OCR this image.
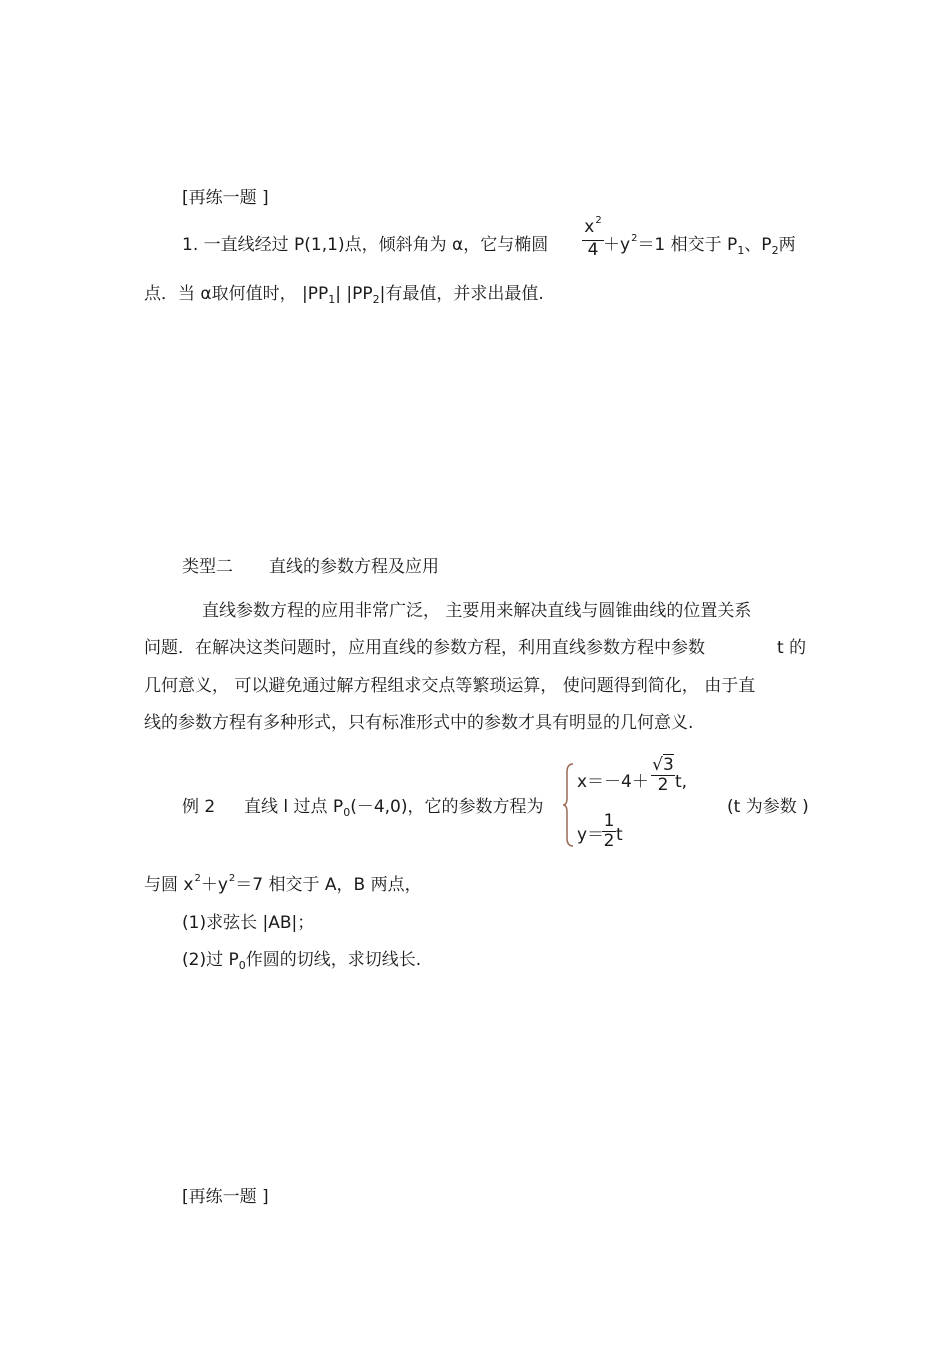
[再练一题 ]
1. 一直线经过 P(1,1)点，倾斜角为 α，它与椭圆
$x^2$
$4 +y^2=1$ 相交于 $P_1$、$P_2$两
点．当 α取何值时， $|PP_1|$ $|PP_2|$有最值，并求出最值.
类型二 直线的参数方程及应用
直线参数方程的应用非常广泛， 主要用来解决直线与圆锥曲线的位置关系
问题．在解决这类问题时，应用直线的参数方程，利用直线参数方程中参数	t 的
几何意义， 可以避免通过解方程组求交点等繁琐运算， 使问题得到简化， 由于直
线的参数方程有多种形式，只有标准形式中的参数才具有明显的几何意义.
例 2 直线 l 过点 $P_0(-4,0)$，它的参数方程为
x＝－4＋
√3
2 t,
y＝
1
2 t
(t 为参数 )
与圆 $x^2+y^2=7$ 相交于 A，B 两点，
(1)求弦长 |AB|；
(2)过 $P_0$作圆的切线，求切线长.
[再练一题 ]
